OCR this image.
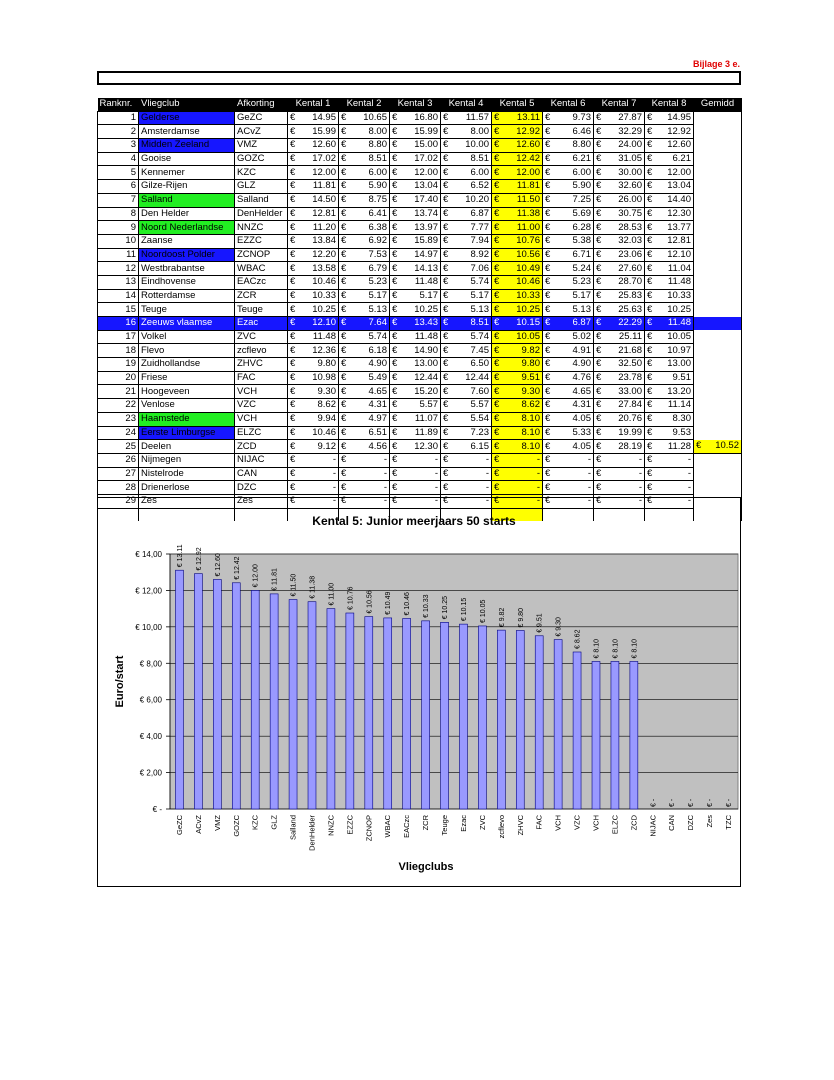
Bijlage 3 e.
Ranknr.	Vliegclub	Afkorting	Kental 1	Kental 2	Kental 3	Kental 4	Kental 5	Kental 6	Kental 7	Kental 8	Gemidd
1	Gelderse	GeZC	€ 14.95	€ 10.65	€ 16.80	€ 11.57	€ 13.11	€ 9.73	€ 27.87	€ 14.95	

2	Amsterdamse	ACvZ	€ 15.99	€ 8.00	€ 15.99	€ 8.00	€ 12.92	€ 6.46	€ 32.29	€ 12.92	

3	Midden Zeeland	VMZ	€ 12.60	€ 8.80	€ 15.00	€ 10.00	€ 12.60	€ 8.80	€ 24.00	€ 12.60	

4	Gooise	GOZC	€ 17.02	€ 8.51	€ 17.02	€ 8.51	€ 12.42	€ 6.21	€ 31.05	€ 6.21	

5	Kennemer	KZC	€ 12.00	€ 6.00	€ 12.00	€ 6.00	€ 12.00	€ 6.00	€ 30.00	€ 12.00	

6	Gilze-Rijen	GLZ	€ 11.81	€ 5.90	€ 13.04	€ 6.52	€ 11.81	€ 5.90	€ 32.60	€ 13.04	

7	Salland	Salland	€ 14.50	€ 8.75	€ 17.40	€ 10.20	€ 11.50	€ 7.25	€ 26.00	€ 14.40	

8	Den Helder	DenHelder	€ 12.81	€ 6.41	€ 13.74	€ 6.87	€ 11.38	€ 5.69	€ 30.75	€ 12.30	

9	Noord Nederlandse	NNZC	€ 11.20	€ 6.38	€ 13.97	€ 7.77	€ 11.00	€ 6.28	€ 28.53	€ 13.77	

10	Zaanse	EZZC	€ 13.84	€ 6.92	€ 15.89	€ 7.94	€ 10.76	€ 5.38	€ 32.03	€ 12.81	

11	Noordoost Polder	ZCNOP	€ 12.20	€ 7.53	€ 14.97	€ 8.92	€ 10.56	€ 6.71	€ 23.06	€ 12.10	

12	Westbrabantse	WBAC	€ 13.58	€ 6.79	€ 14.13	€ 7.06	€ 10.49	€ 5.24	€ 27.60	€ 11.04	

13	Eindhovense	EACzc	€ 10.46	€ 5.23	€ 11.48	€ 5.74	€ 10.46	€ 5.23	€ 28.70	€ 11.48	

14	Rotterdamse	ZCR	€ 10.33	€ 5.17	€ 5.17	€ 5.17	€ 10.33	€ 5.17	€ 25.83	€ 10.33	

15	Teuge	Teuge	€ 10.25	€ 5.13	€ 10.25	€ 5.13	€ 10.25	€ 5.13	€ 25.63	€ 10.25	

16	Zeeuws vlaamse	Ezac	€ 12.10	€ 7.64	€ 13.43	€ 8.51	€ 10.15	€ 6.87	€ 22.29	€ 11.48	

17	Volkel	ZVC	€ 11.48	€ 5.74	€ 11.48	€ 5.74	€ 10.05	€ 5.02	€ 25.11	€ 10.05	

18	Flevo	zcflevo	€ 12.36	€ 6.18	€ 14.90	€ 7.45	€ 9.82	€ 4.91	€ 21.68	€ 10.97	

19	Zuidhollandse	ZHVC	€ 9.80	€ 4.90	€ 13.00	€ 6.50	€ 9.80	€ 4.90	€ 32.50	€ 13.00	

20	Friese	FAC	€ 10.98	€ 5.49	€ 12.44	€ 12.44	€ 9.51	€ 4.76	€ 23.78	€ 9.51	

21	Hoogeveen	VCH	€ 9.30	€ 4.65	€ 15.20	€ 7.60	€ 9.30	€ 4.65	€ 33.00	€ 13.20	

22	Venlose	VZC	€ 8.62	€ 4.31	€ 5.57	€ 5.57	€ 8.62	€ 4.31	€ 27.84	€ 11.14	

23	Haamstede	VCH	€ 9.94	€ 4.97	€ 11.07	€ 5.54	€ 8.10	€ 4.05	€ 20.76	€ 8.30	

24	Eerste Limburgse	ELZC	€ 10.46	€ 6.51	€ 11.89	€ 7.23	€ 8.10	€ 5.33	€ 19.99	€ 9.53	

25	Deelen	ZCD	€ 9.12	€ 4.56	€ 12.30	€ 6.15	€ 8.10	€ 4.05	€ 28.19	€ 11.28	€ 10.52

26	Nijmegen	NIJAC	€ -	€ -	€ -	€ -	€ -	€ -	€ -	€ -	

27	Nistelrode	CAN	€ -	€ -	€ -	€ -	€ -	€ -	€ -	€ -	

28	Drienerlose	DZC	€ -	€ -	€ -	€ -	€ -	€ -	€ -	€ -	

29	Zes	Zes	€ -	€ -	€ -	€ -	€ -	€ -	€ -	€ -	

€ -
€ 2,00
€ 4,00
€ 6,00
€ 8,00
€ 10,00
€ 12,00
€ 14,00 € 13.11
GeZC
€ 12.92
ACvZ
€ 12.60
VMZ
€ 12.42
GOZC
€ 12.00
KZC
€ 11.81
GLZ
€ 11.50
Salland
€ 11.38
DenHelder
€ 11.00
NNZC
€ 10.76
EZZC
€ 10.56
ZCNOP
€ 10.49
WBAC
€ 10.46
EACzc
€ 10.33
ZCR
€ 10.25
Teuge
€ 10.15
Ezac
€ 10.05
ZVC
€ 9.82
zcflevo
€ 9.80
ZHVC
€ 9.51
FAC
€ 9.30
VCH
€ 8.62
VZC
€ 8.10
VCH
€ 8.10
ELZC
€ 8.10
ZCD
€ -
NIJAC
€ -
CAN
€ -
DZC
€ -
Zes
€ -
TZC
Kental 5: Junior meerjaars 50 starts
Euro/start
Vliegclubs
